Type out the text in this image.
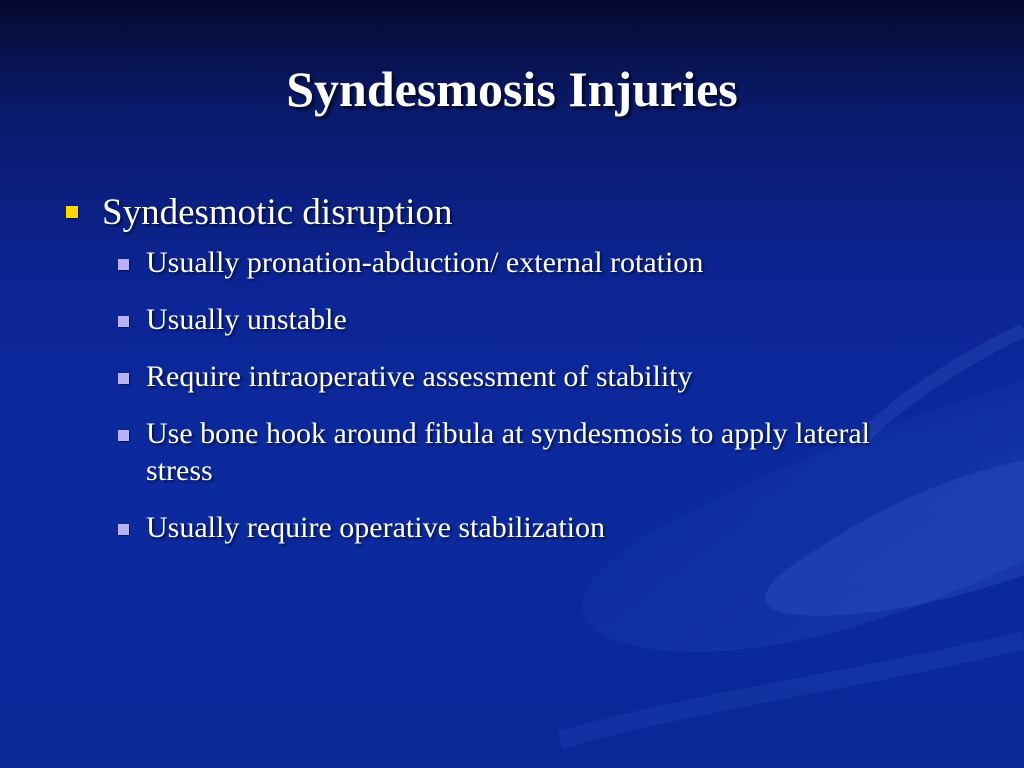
Syndesmosis Injuries
Syndesmotic disruption
Usually pronation-abduction/ external rotation
Usually unstable
Require intraoperative assessment of stability
Use bone hook around fibula at syndesmosis to apply lateral stress
Usually require operative stabilization
